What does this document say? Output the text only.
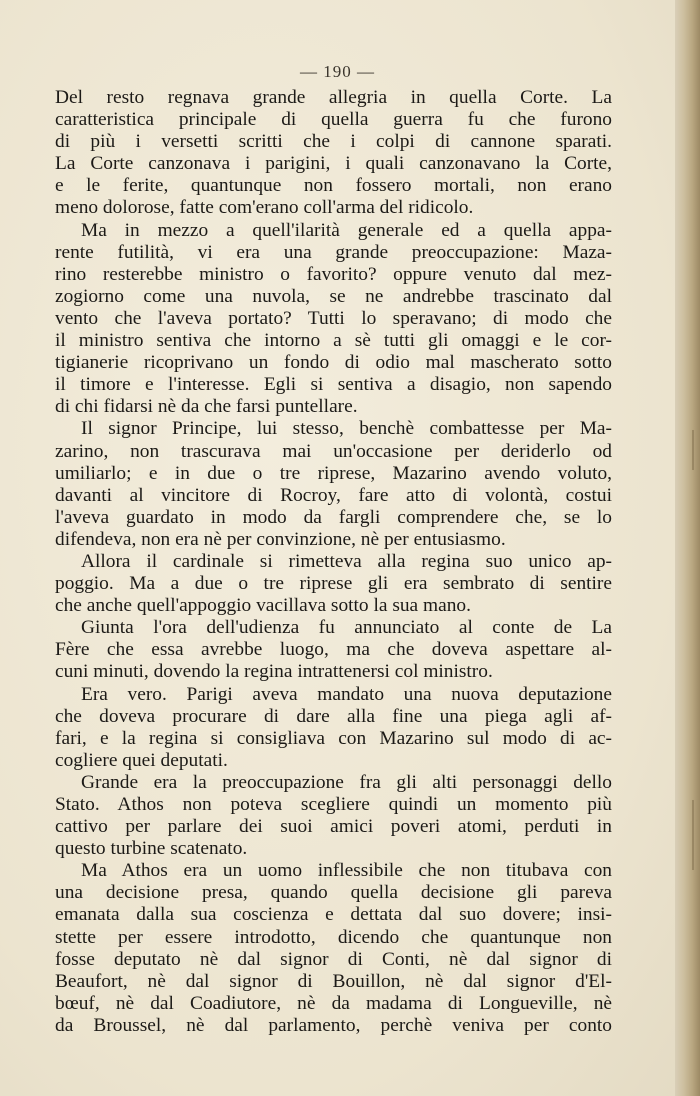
— 190 —
Del resto regnava grande allegria in quella Corte. La
caratteristica principale di quella guerra fu che furono
di più i versetti scritti che i colpi di cannone sparati.
La Corte canzonava i parigini, i quali canzonavano la Corte,
e le ferite, quantunque non fossero mortali, non erano
meno dolorose, fatte com'erano coll'arma del ridicolo.
Ma in mezzo a quell'ilarità generale ed a quella appa-
rente futilità, vi era una grande preoccupazione: Maza-
rino resterebbe ministro o favorito? oppure venuto dal mez-
zogiorno come una nuvola, se ne andrebbe trascinato dal
vento che l'aveva portato? Tutti lo speravano; di modo che
il ministro sentiva che intorno a sè tutti gli omaggi e le cor-
tigianerie ricoprivano un fondo di odio mal mascherato sotto
il timore e l'interesse. Egli si sentiva a disagio, non sapendo
di chi fidarsi nè da che farsi puntellare.
Il signor Principe, lui stesso, benchè combattesse per Ma-
zarino, non trascurava mai un'occasione per deriderlo od
umiliarlo; e in due o tre riprese, Mazarino avendo voluto,
davanti al vincitore di Rocroy, fare atto di volontà, costui
l'aveva guardato in modo da fargli comprendere che, se lo
difendeva, non era nè per convinzione, nè per entusiasmo.
Allora il cardinale si rimetteva alla regina suo unico ap-
poggio. Ma a due o tre riprese gli era sembrato di sentire
che anche quell'appoggio vacillava sotto la sua mano.
Giunta l'ora dell'udienza fu annunciato al conte de La
Fère che essa avrebbe luogo, ma che doveva aspettare al-
cuni minuti, dovendo la regina intrattenersi col ministro.
Era vero. Parigi aveva mandato una nuova deputazione
che doveva procurare di dare alla fine una piega agli af-
fari, e la regina si consigliava con Mazarino sul modo di ac-
cogliere quei deputati.
Grande era la preoccupazione fra gli alti personaggi dello
Stato. Athos non poteva scegliere quindi un momento più
cattivo per parlare dei suoi amici poveri atomi, perduti in
questo turbine scatenato.
Ma Athos era un uomo inflessibile che non titubava con
una decisione presa, quando quella decisione gli pareva
emanata dalla sua coscienza e dettata dal suo dovere; insi-
stette per essere introdotto, dicendo che quantunque non
fosse deputato nè dal signor di Conti, nè dal signor di
Beaufort, nè dal signor di Bouillon, nè dal signor d'El-
bœuf, nè dal Coadiutore, nè da madama di Longueville, nè
da Broussel, nè dal parlamento, perchè veniva per conto
